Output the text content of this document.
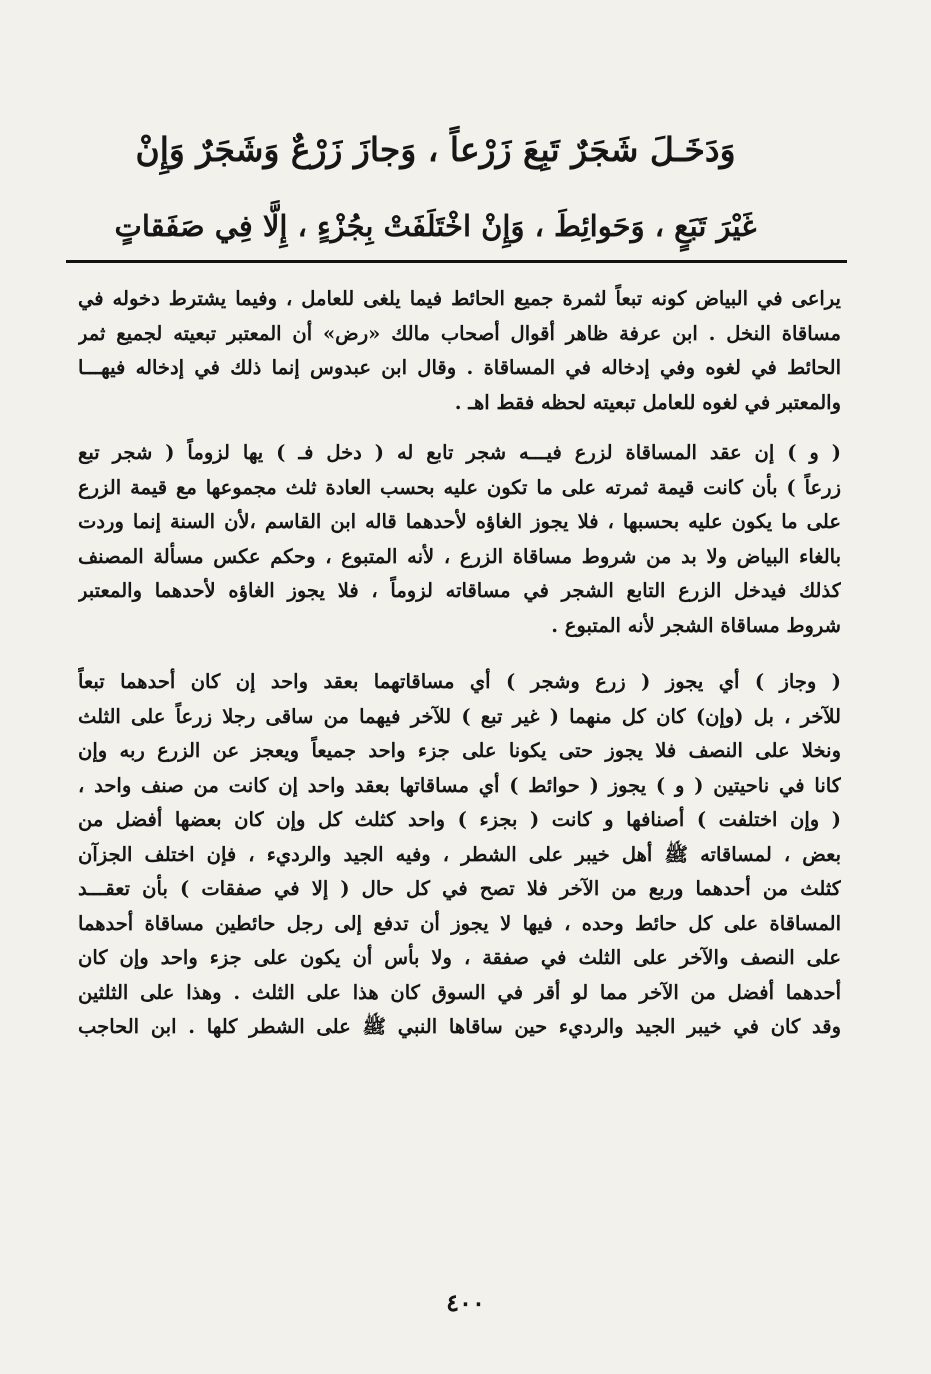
وَدَخَـلَ شَجَرٌ تَبِعَ زَرْعاً ، وَجازَ زَرْعٌ وَشَجَرٌ وَإِنْ
غَيْرَ تَبَعٍ ، وَحَوائِطَ ، وَإِنْ اخْتَلَفَتْ بِجُزْءٍ ، إِلَّا فِي صَفَقاتٍ
يراعى في البياض كونه تبعاً لثمرة جميع الحائط فيما يلغى للعامل ، وفيما يشترط دخوله في
مساقاة النخل . ابن عرفة ظاهر أقوال أصحاب مالك «رض» أن المعتبر تبعيته لجميع ثمر
الحائط في لغوه وفي إدخاله في المساقاة . وقال ابن عبدوس إنما ذلك في إدخاله فيهـــا
والمعتبر في لغوه للعامل تبعيته لحظه فقط اهـ .
( و ) إن عقد المساقاة لزرع فيـــه شجر تابع له ( دخل فـ ) يها لزوماً ( شجر تبع
زرعاً ) بأن كانت قيمة ثمرته على ما تكون عليه بحسب العادة ثلث مجموعها مع قيمة الزرع
على ما يكون عليه بحسبها ، فلا يجوز الغاؤه لأحدهما قاله ابن القاسم ،لأن السنة إنما وردت
بالغاء البياض ولا بد من شروط مساقاة الزرع ، لأنه المتبوع ، وحكم عكس مسألة المصنف
كذلك فيدخل الزرع التابع الشجر في مساقاته لزوماً ، فلا يجوز الغاؤه لأحدهما والمعتبر
شروط مساقاة الشجر لأنه المتبوع .
( وجاز ) أي يجوز ( زرع وشجر ) أي مساقاتهما بعقد واحد إن كان أحدهما تبعاً
للآخر ، بل (وإن) كان كل منهما ( غير تبع ) للآخر فيهما من ساقى رجلا زرعاً على الثلث
ونخلا على النصف فلا يجوز حتى يكونا على جزء واحد جميعاً ويعجز عن الزرع ربه وإن
كانا في ناحيتين ( و ) يجوز ( حوائط ) أي مساقاتها بعقد واحد إن كانت من صنف واحد ،
( وإن اختلفت ) أصنافها و كانت ( بجزء ) واحد كثلث كل وإن كان بعضها أفضل من
بعض ، لمساقاته ﷺ أهل خيبر على الشطر ، وفيه الجيد والرديء ، فإن اختلف الجزآن
كثلث من أحدهما وربع من الآخر فلا تصح في كل حال ( إلا في صفقات ) بأن تعقـــد
المساقاة على كل حائط وحده ، فيها لا يجوز أن تدفع إلى رجل حائطين مساقاة أحدهما
على النصف والآخر على الثلث في صفقة ، ولا بأس أن يكون على جزء واحد وإن كان
أحدهما أفضل من الآخر مما لو أقر في السوق كان هذا على الثلث . وهذا على الثلثين
وقد كان في خيبر الجيد والرديء حين ساقاها النبي ﷺ على الشطر كلها . ابن الحاجب
٤٠٠
